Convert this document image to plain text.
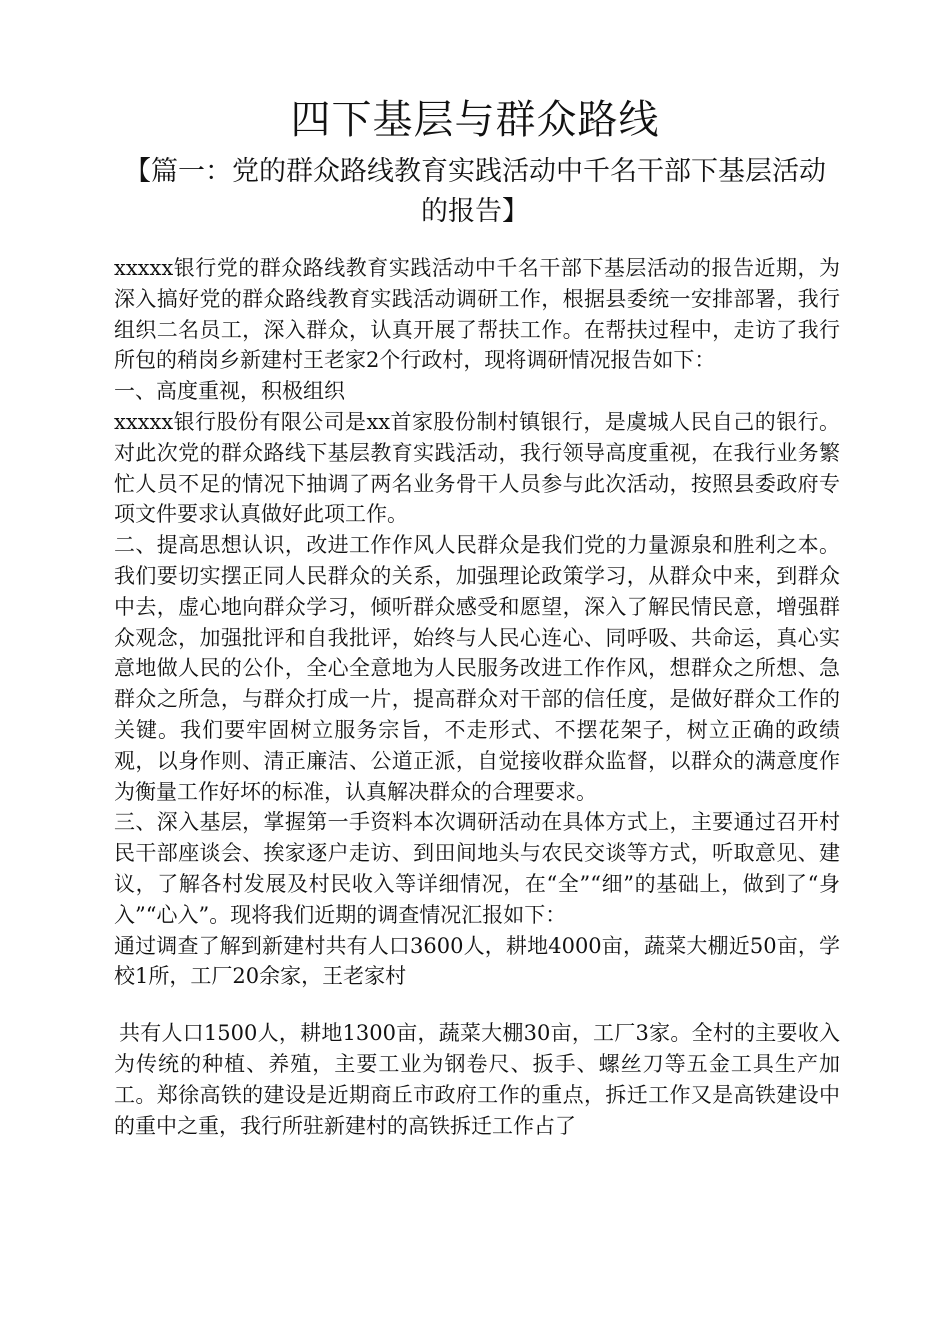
四下基层与群众路线
【篇一：党的群众路线教育实践活动中千名干部下基层活动的报告】

xxxxx银行党的群众路线教育实践活动中千名干部下基层活动的报告近期，为深入搞好党的群众路线教育实践活动调研工作，根据县委统一安排部署，我行组织二名员工，深入群众，认真开展了帮扶工作。在帮扶过程中，走访了我行所包的稍岗乡新建村王老家2个行政村，现将调研情况报告如下：

一、高度重视，积极组织

xxxxx银行股份有限公司是xx首家股份制村镇银行，是虞城人民自己的银行。对此次党的群众路线下基层教育实践活动，我行领导高度重视，在我行业务繁忙人员不足的情况下抽调了两名业务骨干人员参与此次活动，按照县委政府专项文件要求认真做好此项工作。

二、提高思想认识，改进工作作风人民群众是我们党的力量源泉和胜利之本。我们要切实摆正同人民群众的关系，加强理论政策学习，从群众中来，到群众中去，虚心地向群众学习，倾听群众感受和愿望，深入了解民情民意，增强群众观念，加强批评和自我批评，始终与人民心连心、同呼吸、共命运，真心实意地做人民的公仆，全心全意地为人民服务改进工作作风，想群众之所想、急群众之所急，与群众打成一片，提高群众对干部的信任度，是做好群众工作的关键。我们要牢固树立服务宗旨，不走形式、不摆花架子，树立正确的政绩观，以身作则、清正廉洁、公道正派，自觉接收群众监督，以群众的满意度作为衡量工作好坏的标准，认真解决群众的合理要求。

三、深入基层，掌握第一手资料本次调研活动在具体方式上，主要通过召开村民干部座谈会、挨家逐户走访、到田间地头与农民交谈等方式，听取意见、建议，了解各村发展及村民收入等详细情况，在“全”“细”的基础上，做到了“身入”“心入”。现将我们近期的调查情况汇报如下：

通过调查了解到新建村共有人口3600人，耕地4000亩，蔬菜大棚近50亩，学校1所，工厂20余家，王老家村

共有人口1500人，耕地1300亩，蔬菜大棚30亩，工厂3家。全村的主要收入为传统的种植、养殖，主要工业为钢卷尺、扳手、螺丝刀等五金工具生产加工。郑徐高铁的建设是近期商丘市政府工作的重点，拆迁工作又是高铁建设中的重中之重，我行所驻新建村的高铁拆迁工作占了
